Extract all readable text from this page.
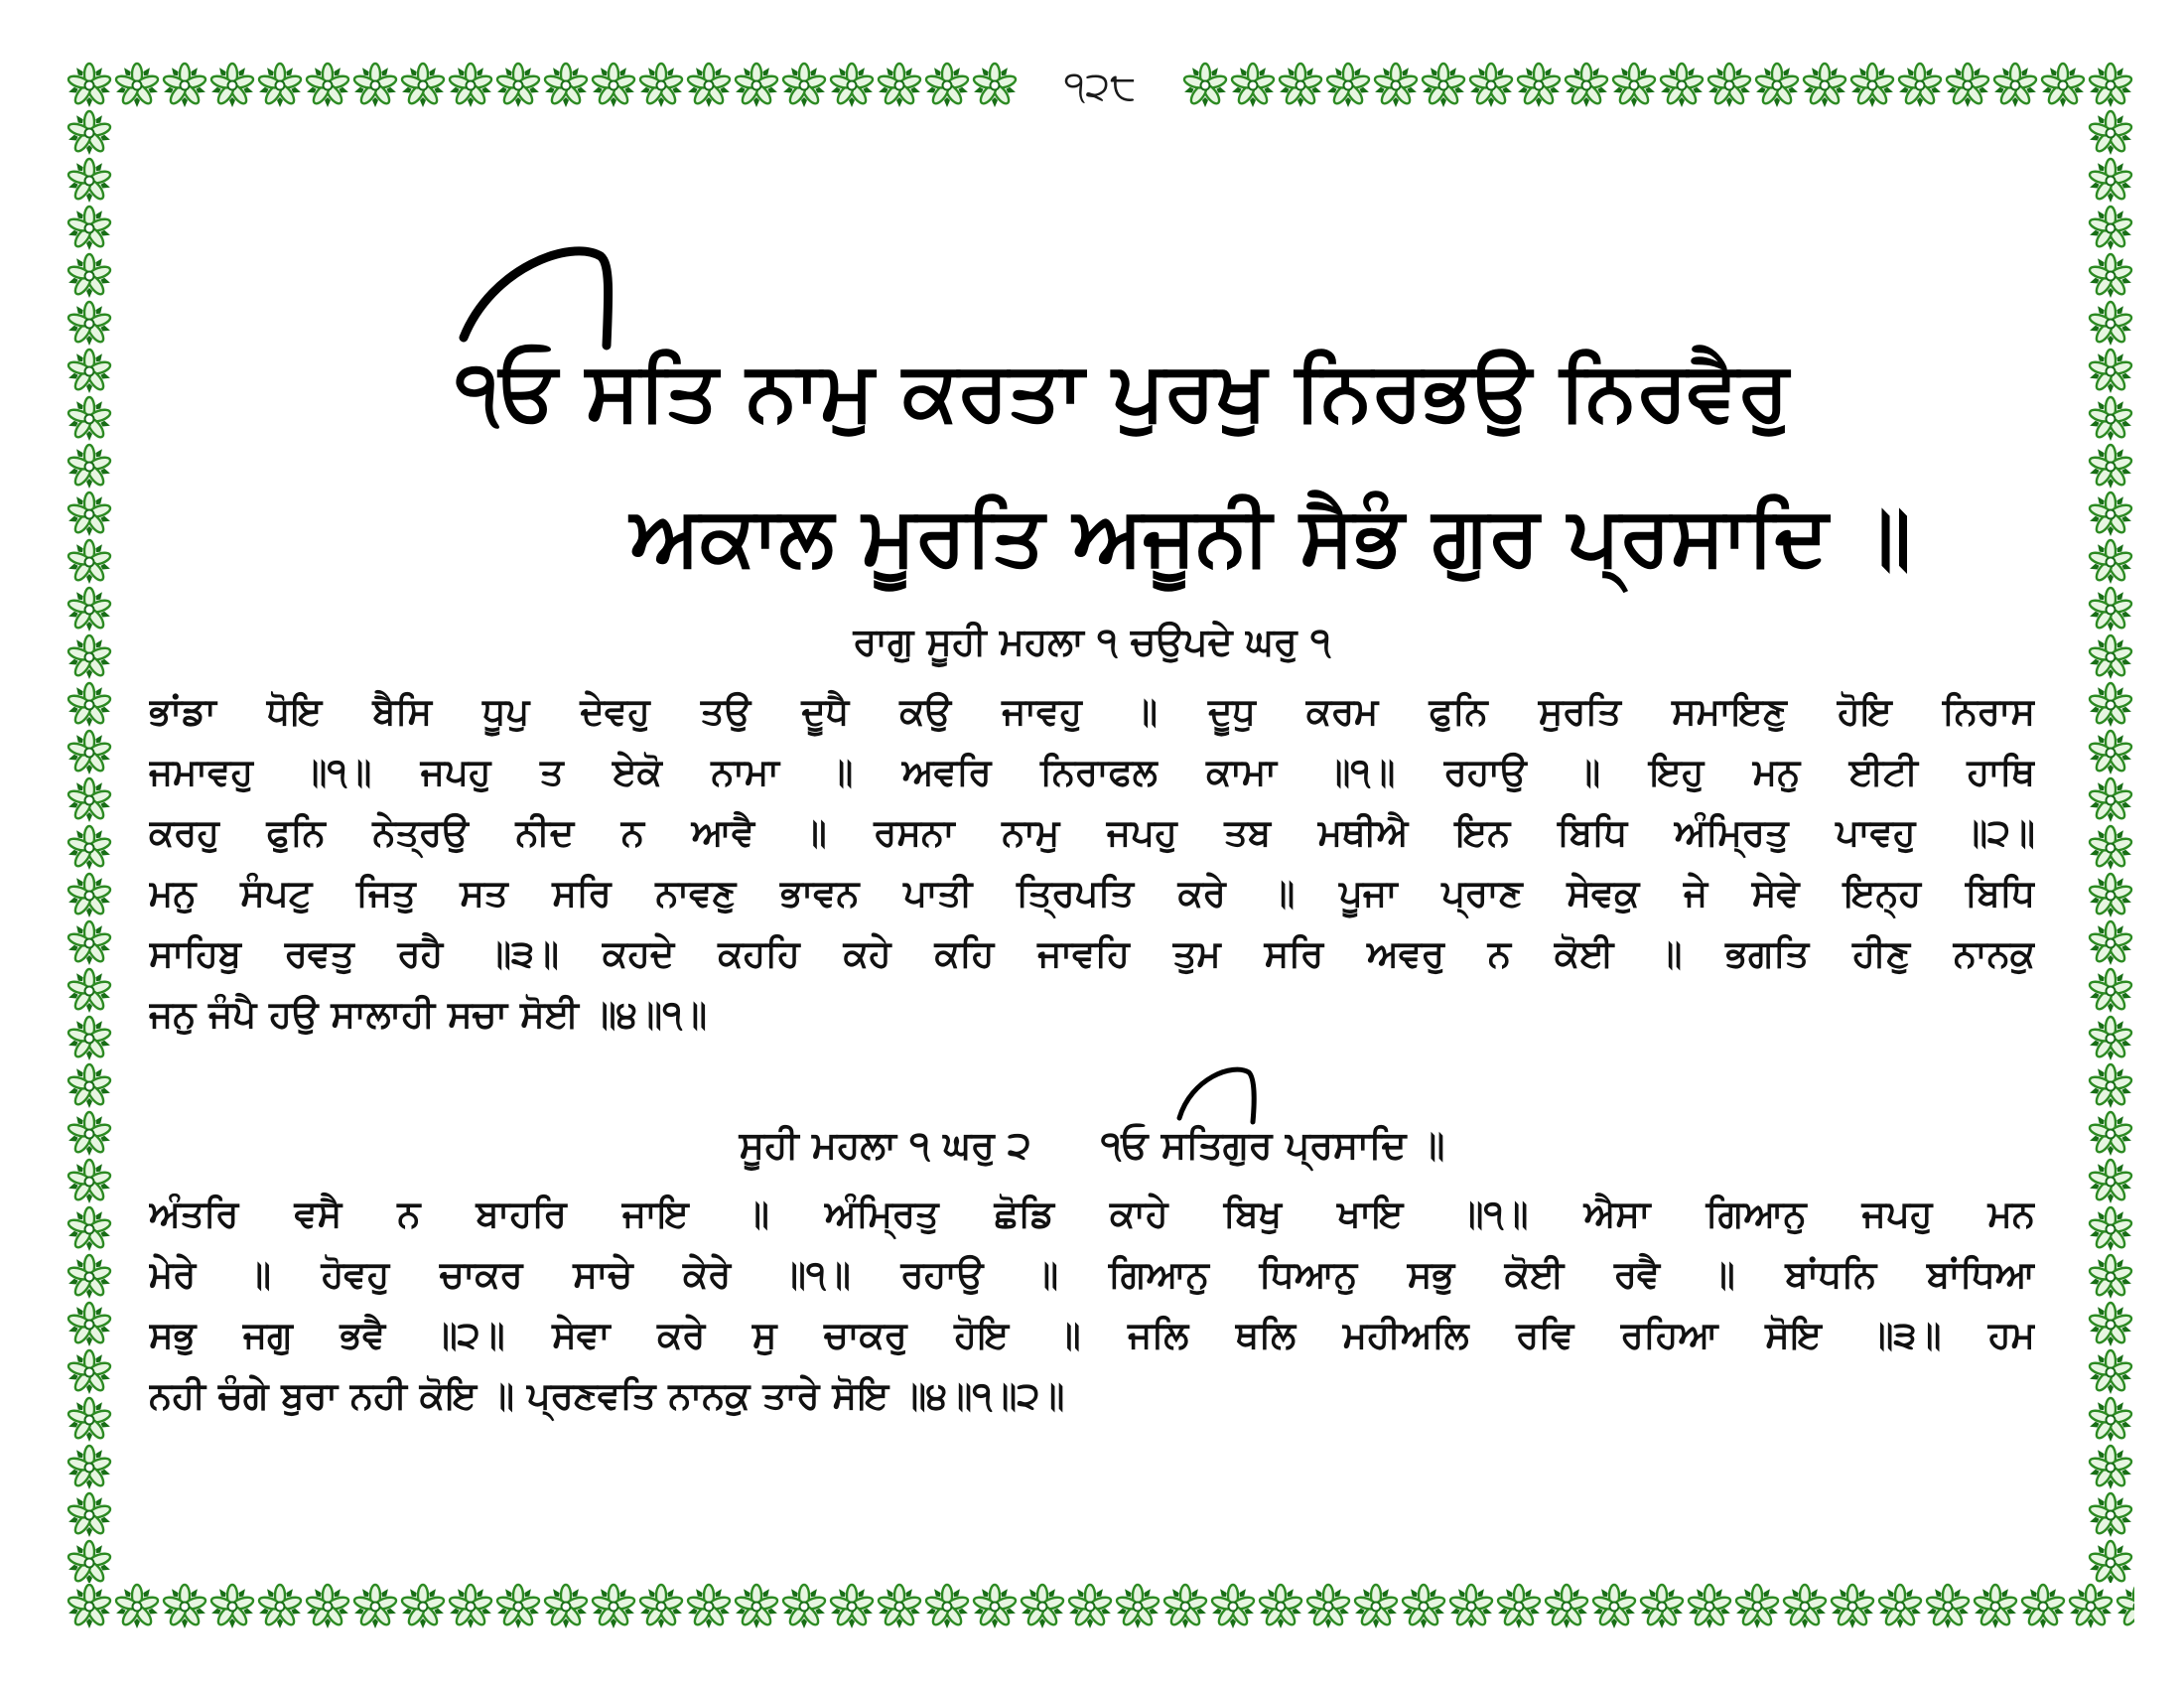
੧੨੮
੧ਓ ਸਤਿ ਨਾਮੁ ਕਰਤਾ ਪੁਰਖੁ ਨਿਰਭਉ ਨਿਰਵੈਰੁ
ਅਕਾਲ ਮੂਰਤਿ ਅਜੂਨੀ ਸੈਭੰ ਗੁਰ ਪ੍ਰਸਾਦਿ ॥
ਰਾਗੁ ਸੂਹੀ ਮਹਲਾ ੧ ਚਉਪਦੇ ਘਰੁ ੧
ਭਾਂਡਾ ਧੋਇ ਬੈਸਿ ਧੂਪੁ ਦੇਵਹੁ ਤਉ ਦੂਧੈ ਕਉ ਜਾਵਹੁ ॥ ਦੂਧੁ ਕਰਮ ਫੁਨਿ ਸੁਰਤਿ ਸਮਾਇਣੁ ਹੋਇ ਨਿਰਾਸ
ਜਮਾਵਹੁ ॥੧॥ ਜਪਹੁ ਤ ਏਕੋ ਨਾਮਾ ॥ ਅਵਰਿ ਨਿਰਾਫਲ ਕਾਮਾ ॥੧॥ ਰਹਾਉ ॥ ਇਹੁ ਮਨੁ ਈਟੀ ਹਾਥਿ
ਕਰਹੁ ਫੁਨਿ ਨੇਤ੍ਰਉ ਨੀਦ ਨ ਆਵੈ ॥ ਰਸਨਾ ਨਾਮੁ ਜਪਹੁ ਤਬ ਮਥੀਐ ਇਨ ਬਿਧਿ ਅੰਮ੍ਰਿਤੁ ਪਾਵਹੁ ॥੨॥
ਮਨੁ ਸੰਪਟੁ ਜਿਤੁ ਸਤ ਸਰਿ ਨਾਵਣੁ ਭਾਵਨ ਪਾਤੀ ਤ੍ਰਿਪਤਿ ਕਰੇ ॥ ਪੂਜਾ ਪ੍ਰਾਣ ਸੇਵਕੁ ਜੇ ਸੇਵੇ ਇਨ੍ਹ ਬਿਧਿ
ਸਾਹਿਬੁ ਰਵਤੁ ਰਹੈ ॥੩॥ ਕਹਦੇ ਕਹਹਿ ਕਹੇ ਕਹਿ ਜਾਵਹਿ ਤੁਮ ਸਰਿ ਅਵਰੁ ਨ ਕੋਈ ॥ ਭਗਤਿ ਹੀਣੁ ਨਾਨਕੁ
ਜਨੁ ਜੰਪੈ ਹਉ ਸਾਲਾਹੀ ਸਚਾ ਸੋਈ ॥੪॥੧॥
ਸੂਹੀ ਮਹਲਾ ੧ ਘਰੁ ੨ ੧ਓ ਸਤਿਗੁਰ ਪ੍ਰਸਾਦਿ ॥
ਅੰਤਰਿ ਵਸੈ ਨ ਬਾਹਰਿ ਜਾਇ ॥ ਅੰਮ੍ਰਿਤੁ ਛੋਡਿ ਕਾਹੇ ਬਿਖੁ ਖਾਇ ॥੧॥ ਐਸਾ ਗਿਆਨੁ ਜਪਹੁ ਮਨ
ਮੇਰੇ ॥ ਹੋਵਹੁ ਚਾਕਰ ਸਾਚੇ ਕੇਰੇ ॥੧॥ ਰਹਾਉ ॥ ਗਿਆਨੁ ਧਿਆਨੁ ਸਭੁ ਕੋਈ ਰਵੈ ॥ ਬਾਂਧਨਿ ਬਾਂਧਿਆ
ਸਭੁ ਜਗੁ ਭਵੈ ॥੨॥ ਸੇਵਾ ਕਰੇ ਸੁ ਚਾਕਰੁ ਹੋਇ ॥ ਜਲਿ ਥਲਿ ਮਹੀਅਲਿ ਰਵਿ ਰਹਿਆ ਸੋਇ ॥੩॥ ਹਮ
ਨਹੀ ਚੰਗੇ ਬੁਰਾ ਨਹੀ ਕੋਇ ॥ ਪ੍ਰਣਵਤਿ ਨਾਨਕੁ ਤਾਰੇ ਸੋਇ ॥੪॥੧॥੨॥
